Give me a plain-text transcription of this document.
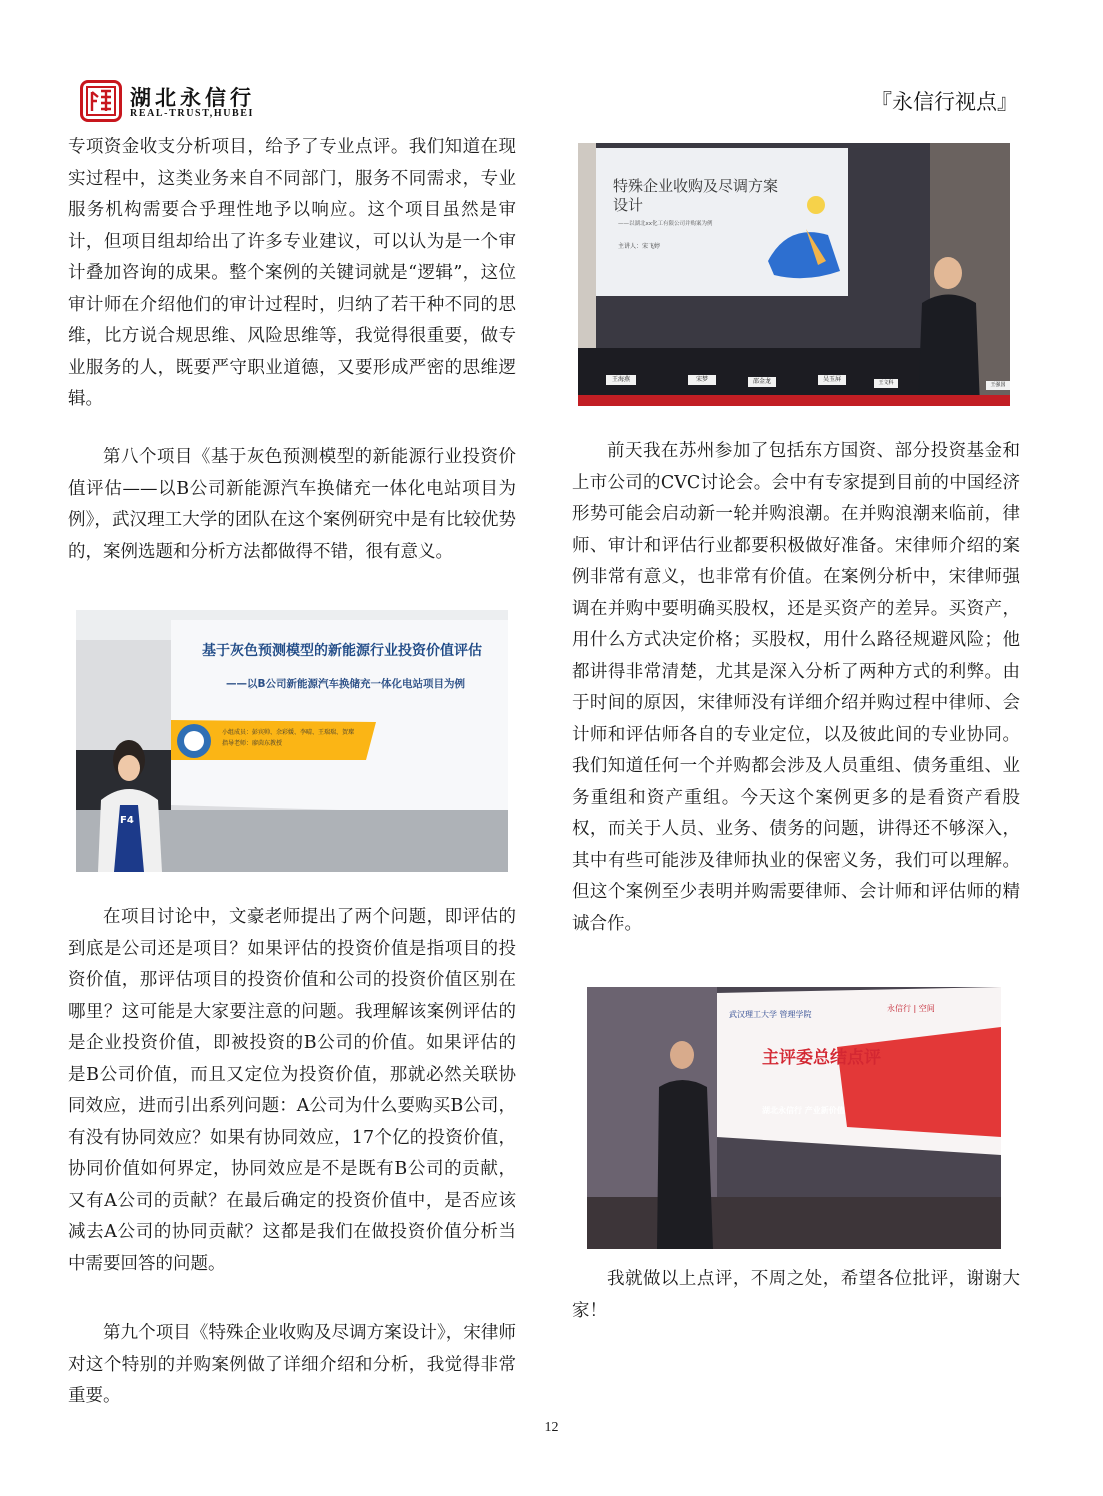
湖北永信行
REAL-TRUST,HUBEI	『永信行视点』

专项资金收支分析项目，给予了专业点评。我们知道在现实过程中，这类业务来自不同部门，服务不同需求，专业服务机构需要合乎理性地予以响应。这个项目虽然是审计，但项目组却给出了许多专业建议，可以认为是一个审计叠加咨询的成果。整个案例的关键词就是“逻辑”，这位审计师在介绍他们的审计过程时，归纳了若干种不同的思维，比方说合规思维、风险思维等，我觉得很重要，做专业服务的人，既要严守职业道德，又要形成严密的思维逻辑。

第八个项目《基于灰色预测模型的新能源行业投资价值评估——以B公司新能源汽车换储充一体化电站项目为例》，武汉理工大学的团队在这个案例研究中是有比较优势的，案例选题和分析方法都做得不错，很有意义。

基于灰色预测模型的新能源行业投资价值评估
——以B公司新能源汽车换储充一体化电站项目为例
小组成员：彭宾帅、余彩媛、李晴、王瑞瑞、贺璨
指导老师：廖茵东教授
F4

在项目讨论中，文豪老师提出了两个问题，即评估的到底是公司还是项目？如果评估的投资价值是指项目的投资价值，那评估项目的投资价值和公司的投资价值区别在哪里？这可能是大家要注意的问题。我理解该案例评估的是企业投资价值，即被投资的B公司的价值。如果评估的是B公司价值，而且又定位为投资价值，那就必然关联协同效应，进而引出系列问题：A公司为什么要购买B公司，有没有协同效应？如果有协同效应，17个亿的投资价值，协同价值如何界定，协同效应是不是既有B公司的贡献，又有A公司的贡献？在最后确定的投资价值中，是否应该减去A公司的协同贡献？这都是我们在做投资价值分析当中需要回答的问题。

第九个项目《特殊企业收购及尽调方案设计》，宋律师对这个特别的并购案例做了详细介绍和分析，我觉得非常重要。

特殊企业收购及尽调方案设计
——以湖北xx化工有限公司并购案为例
主讲人：宋飞婷
王海燕	宋梦	邵金龙	吴玉屏	王文科	王强国

前天我在苏州参加了包括东方国资、部分投资基金和上市公司的CVC讨论会。会中有专家提到目前的中国经济形势可能会启动新一轮并购浪潮。在并购浪潮来临前，律师、审计和评估行业都要积极做好准备。宋律师介绍的案例非常有意义，也非常有价值。在案例分析中，宋律师强调在并购中要明确买股权，还是买资产的差异。买资产，用什么方式决定价格；买股权，用什么路径规避风险；他都讲得非常清楚，尤其是深入分析了两种方式的利弊。由于时间的原因，宋律师没有详细介绍并购过程中律师、会计师和评估师各自的专业定位，以及彼此间的专业协同。我们知道任何一个并购都会涉及人员重组、债务重组、业务重组和资产重组。今天这个案例更多的是看资产看股权，而关于人员、业务、债务的问题，讲得还不够深入，其中有些可能涉及律师执业的保密义务，我们可以理解。但这个案例至少表明并购需要律师、会计师和评估师的精诚合作。

武汉理工大学 管理学院
永信行 | 空间
主评委总结点评
湖北永信行 产业新价值

我就做以上点评，不周之处，希望各位批评，谢谢大家！

12
